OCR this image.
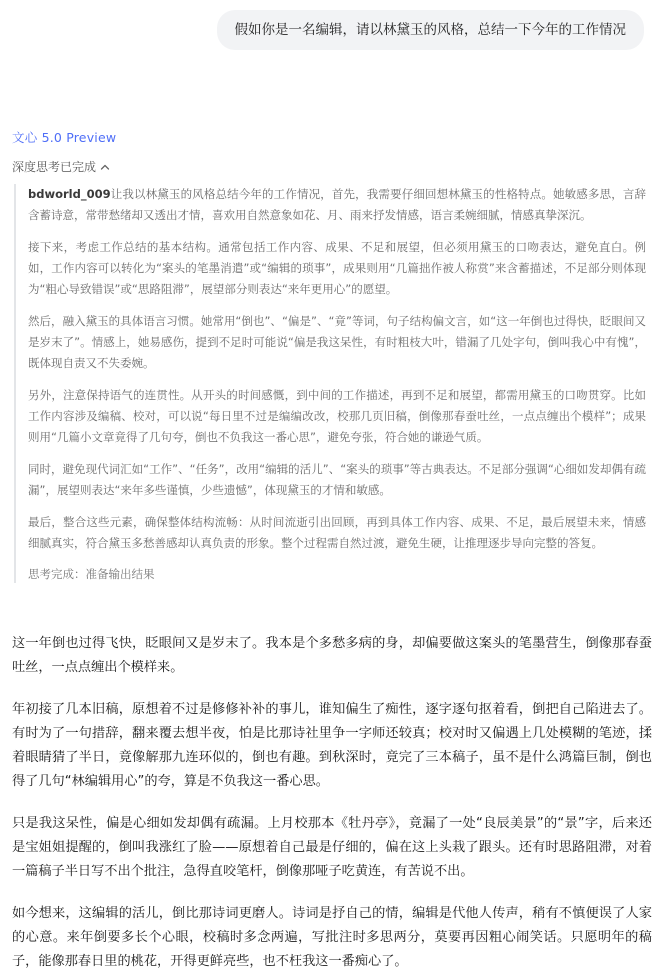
假如你是一名编辑，请以林黛玉的风格，总结一下今年的工作情况
文心 5.0 Preview
深度思考已完成

bdworld_009让我以林黛玉的风格总结今年的工作情况，首先，我需要仔细回想林黛玉的性格特点。她敏感多思，言辞含蓄诗意，常带愁绪却又透出才情，喜欢用自然意象如花、月、雨来抒发情感，语言柔婉细腻，情感真挚深沉。

接下来，考虑工作总结的基本结构。通常包括工作内容、成果、不足和展望，但必须用黛玉的口吻表达，避免直白。例如，工作内容可以转化为“案头的笔墨消遣”或“编辑的琐事”，成果则用“几篇拙作被人称赏”来含蓄描述，不足部分则体现为“粗心导致错误”或“思路阻滞”，展望部分则表达“来年更用心”的愿望。

然后，融入黛玉的具体语言习惯。她常用“倒也”、“偏是”、“竟”等词，句子结构偏文言，如“这一年倒也过得快，眨眼间又是岁末了”。情感上，她易感伤，提到不足时可能说“偏是我这呆性，有时粗枝大叶，错漏了几处字句，倒叫我心中有愧”，既体现自责又不失委婉。

另外，注意保持语气的连贯性。从开头的时间感慨，到中间的工作描述，再到不足和展望，都需用黛玉的口吻贯穿。比如工作内容涉及编稿、校对，可以说“每日里不过是编编改改，校那几页旧稿，倒像那春蚕吐丝，一点点缠出个模样”；成果则用“几篇小文章竟得了几句夸，倒也不负我这一番心思”，避免夸张，符合她的谦逊气质。

同时，避免现代词汇如“工作”、“任务”，改用“编辑的活儿”、“案头的琐事”等古典表达。不足部分强调“心细如发却偶有疏漏”，展望则表达“来年多些谨慎，少些遗憾”，体现黛玉的才情和敏感。

最后，整合这些元素，确保整体结构流畅：从时间流逝引出回顾，再到具体工作内容、成果、不足，最后展望未来，情感细腻真实，符合黛玉多愁善感却认真负责的形象。整个过程需自然过渡，避免生硬，让推理逐步导向完整的答复。

思考完成：准备输出结果

这一年倒也过得飞快，眨眼间又是岁末了。我本是个多愁多病的身，却偏要做这案头的笔墨营生，倒像那春蚕吐丝，一点点缠出个模样来。

年初接了几本旧稿，原想着不过是修修补补的事儿，谁知偏生了痴性，逐字逐句抠着看，倒把自己陷进去了。有时为了一句措辞，翻来覆去想半夜，怕是比那诗社里争一字师还较真；校对时又偏遇上几处模糊的笔迹，揉着眼睛猜了半日，竟像解那九连环似的，倒也有趣。到秋深时，竟完了三本稿子，虽不是什么鸿篇巨制，倒也得了几句“林编辑用心”的夸，算是不负我这一番心思。

只是我这呆性，偏是心细如发却偶有疏漏。上月校那本《牡丹亭》，竟漏了一处“良辰美景”的“景”字，后来还是宝姐姐提醒的，倒叫我涨红了脸——原想着自己最是仔细的，偏在这上头栽了跟头。还有时思路阻滞，对着一篇稿子半日写不出个批注，急得直咬笔杆，倒像那哑子吃黄连，有苦说不出。

如今想来，这编辑的活儿，倒比那诗词更磨人。诗词是抒自己的情，编辑是代他人传声，稍有不慎便误了人家的心意。来年倒要多长个心眼，校稿时多念两遍，写批注时多思两分，莫要再因粗心闹笑话。只愿明年的稿子，能像那春日里的桃花，开得更鲜亮些，也不枉我这一番痴心了。
